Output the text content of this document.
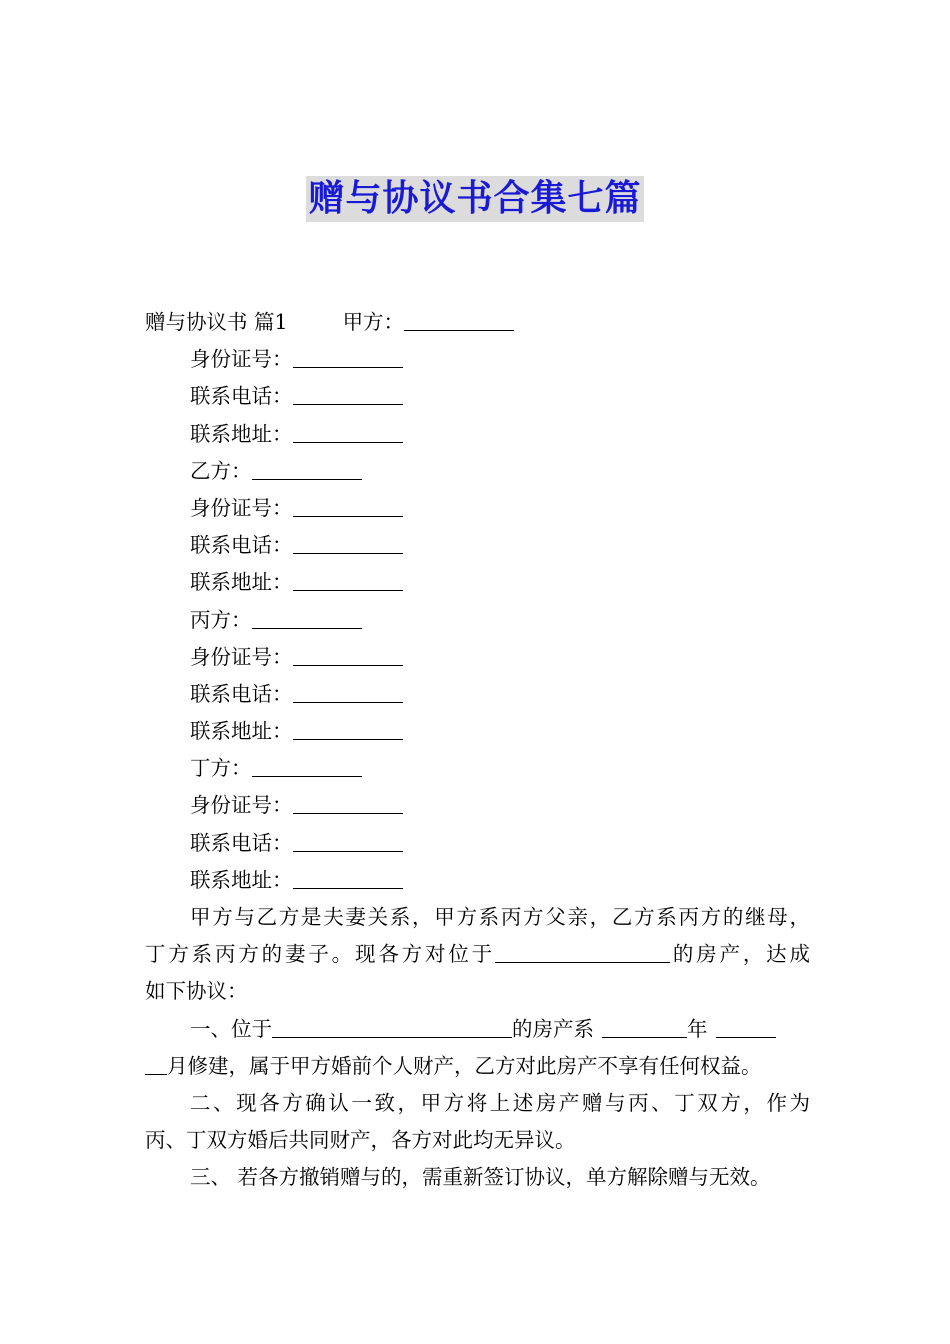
赠与协议书合集七篇
赠与协议书 篇1	甲方：
身份证号：
联系电话：
联系地址：
乙方：
身份证号：
联系电话：
联系地址：
丙方：
身份证号：
联系电话：
联系地址：
丁方：
身份证号：
联系电话：
联系地址：
甲方与乙方是夫妻关系，甲方系丙方父亲，乙方系丙方的继母，
丁方系丙方的妻子。现各方对位于	的房产，达成
如下协议：
一、位于	的房产系	年
月修建，属于甲方婚前个人财产，乙方对此房产不享有任何权益。
二、现各方确认一致，甲方将上述房产赠与丙、丁双方，作为
丙、丁双方婚后共同财产，各方对此均无异议。
三、 若各方撤销赠与的，需重新签订协议，单方解除赠与无效。
